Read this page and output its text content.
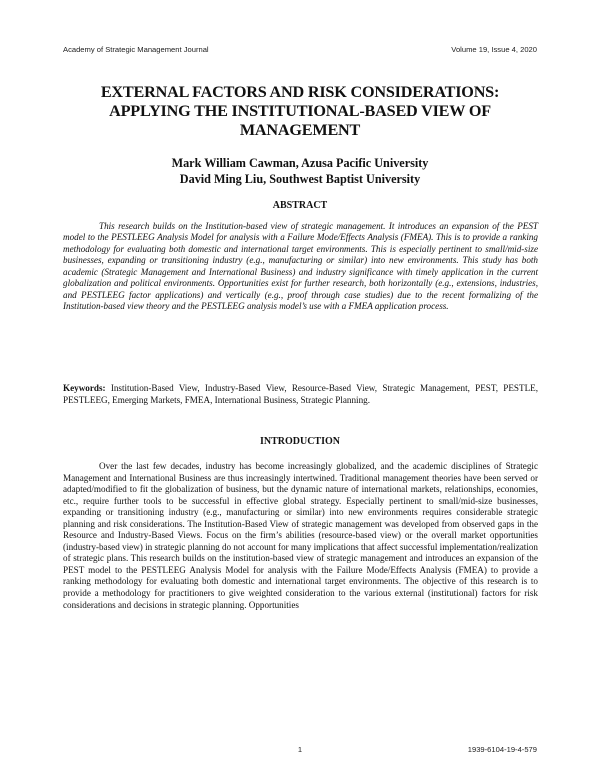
Academy of Strategic Management Journal	Volume 19, Issue 4, 2020
EXTERNAL FACTORS AND RISK CONSIDERATIONS: APPLYING THE INSTITUTIONAL-BASED VIEW OF MANAGEMENT
Mark William Cawman, Azusa Pacific University
David Ming Liu, Southwest Baptist University
ABSTRACT

This research builds on the Institution-based view of strategic management. It introduces an expansion of the PEST model to the PESTLEEG Analysis Model for analysis with a Failure Mode/Effects Analysis (FMEA). This is to provide a ranking methodology for evaluating both domestic and international target environments. This is especially pertinent to small/mid-size businesses, expanding or transitioning industry (e.g., manufacturing or similar) into new environments. This study has both academic (Strategic Management and International Business) and industry significance with timely application in the current globalization and political environments. Opportunities exist for further research, both horizontally (e.g., extensions, industries, and PESTLEEG factor applications) and vertically (e.g., proof through case studies) due to the recent formalizing of the Institution-based view theory and the PESTLEEG analysis model’s use with a FMEA application process.

Keywords: Institution-Based View, Industry-Based View, Resource-Based View, Strategic Management, PEST, PESTLE, PESTLEEG, Emerging Markets, FMEA, International Business, Strategic Planning.

INTRODUCTION

Over the last few decades, industry has become increasingly globalized, and the academic disciplines of Strategic Management and International Business are thus increasingly intertwined. Traditional management theories have been served or adapted/modified to fit the globalization of business, but the dynamic nature of international markets, relationships, economies, etc., require further tools to be successful in effective global strategy. Especially pertinent to small/mid-size businesses, expanding or transitioning industry (e.g., manufacturing or similar) into new environments requires considerable strategic planning and risk considerations. The Institution-Based View of strategic management was developed from observed gaps in the Resource and Industry-Based Views. Focus on the firm’s abilities (resource-based view) or the overall market opportunities (industry-based view) in strategic planning do not account for many implications that affect successful implementation/realization of strategic plans. This research builds on the institution-based view of strategic management and introduces an expansion of the PEST model to the PESTLEEG Analysis Model for analysis with the Failure Mode/Effects Analysis (FMEA) to provide a ranking methodology for evaluating both domestic and international target environments. The objective of this research is to provide a methodology for practitioners to give weighted consideration to the various external (institutional) factors for risk considerations and decisions in strategic planning. Opportunities

1	1939-6104-19-4-579
